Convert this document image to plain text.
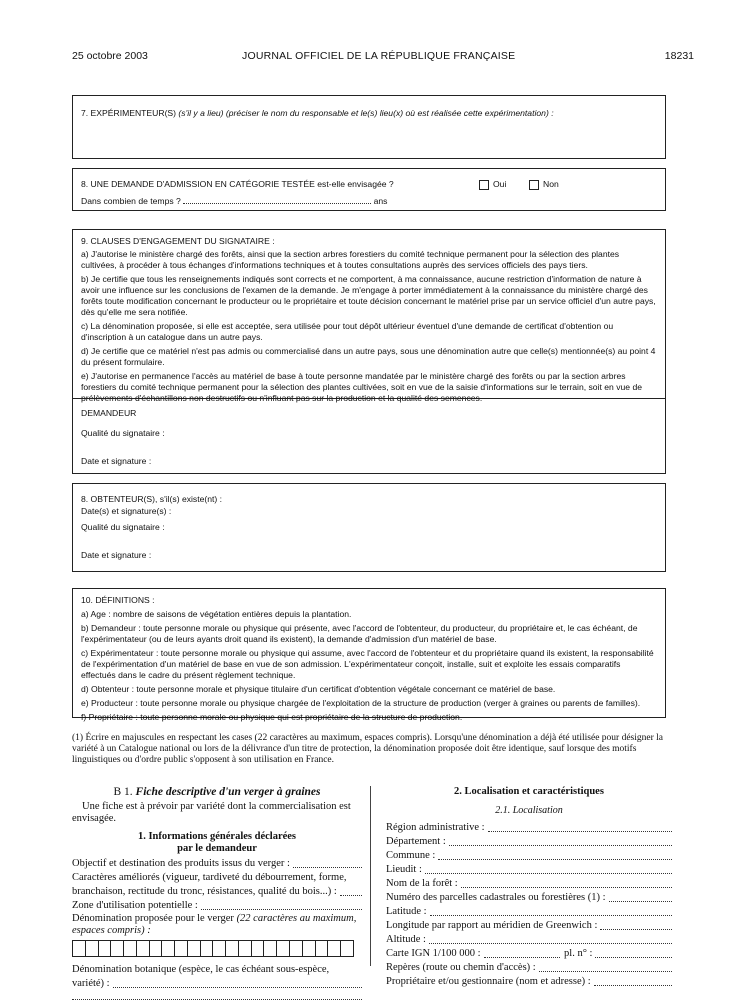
25 octobre 2003	JOURNAL OFFICIEL DE LA RÉPUBLIQUE FRANÇAISE	18231
7. EXPÉRIMENTEUR(S) (s'il y a lieu) (préciser le nom du responsable et le(s) lieu(x) où est réalisée cette expérimentation) :
8. UNE DEMANDE D'ADMISSION EN CATÉGORIE TESTÉE est-elle envisagée ?	Oui	Non
Dans combien de temps ?	ans
9. CLAUSES D'ENGAGEMENT DU SIGNATAIRE :
a) J'autorise le ministère chargé des forêts, ainsi que la section arbres forestiers du comité technique permanent pour la sélection des plantes cultivées, à procéder à tous échanges d'informations techniques et à toutes consultations auprès des services officiels des pays tiers.
b) Je certifie que tous les renseignements indiqués sont corrects et ne comportent, à ma connaissance, aucune restriction d'information de nature à avoir une influence sur les conclusions de l'examen de la demande. Je m'engage à porter immédiatement à la connaissance du ministère chargé des forêts toute modification concernant le producteur ou le propriétaire et toute décision concernant le matériel prise par un service officiel d'un autre pays, dès qu'elle me sera notifiée.
c) La dénomination proposée, si elle est acceptée, sera utilisée pour tout dépôt ultérieur éventuel d'une demande de certificat d'obtention ou d'inscription à un catalogue dans un autre pays.
d) Je certifie que ce matériel n'est pas admis ou commercialisé dans un autre pays, sous une dénomination autre que celle(s) mentionnée(s) au point 4 du présent formulaire.
e) J'autorise en permanence l'accès au matériel de base à toute personne mandatée par le ministère chargé des forêts ou par la section arbres forestiers du comité technique permanent pour la sélection des plantes cultivées, soit en vue de la saisie d'informations sur le terrain, soit en vue de prélèvements d'échantillons non destructifs ou n'influant pas sur la production et la qualité des semences.
DEMANDEUR
Qualité du signataire :
Date et signature :
8. OBTENTEUR(S), s'il(s) existe(nt) :
Date(s) et signature(s) :
Qualité du signataire :
Date et signature :
10. DÉFINITIONS :
a) Age : nombre de saisons de végétation entières depuis la plantation.
b) Demandeur : toute personne morale ou physique qui présente, avec l'accord de l'obtenteur, du producteur, du propriétaire et, le cas échéant, de l'expérimentateur (ou de leurs ayants droit quand ils existent), la demande d'admission d'un matériel de base.
c) Expérimentateur : toute personne morale ou physique qui assume, avec l'accord de l'obtenteur et du propriétaire quand ils existent, la responsabilité de l'expérimentation d'un matériel de base en vue de son admission. L'expérimentateur conçoit, installe, suit et exploite les essais comparatifs effectués dans le cadre du présent règlement technique.
d) Obtenteur : toute personne morale et physique titulaire d'un certificat d'obtention végétale concernant ce matériel de base.
e) Producteur : toute personne morale ou physique chargée de l'exploitation de la structure de production (verger à graines ou parents de familles).
f) Propriétaire : toute personne morale ou physique qui est propriétaire de la structure de production.
(1) Écrire en majuscules en respectant les cases (22 caractères au maximum, espaces compris). Lorsqu'une dénomination a déjà été utilisée pour désigner la variété à un Catalogue national ou lors de la délivrance d'un titre de protection, la dénomination proposée doit être identique, sauf lorsque des motifs linguistiques ou d'ordre public s'opposent à son utilisation en France.
B 1. Fiche descriptive d'un verger à graines
Une fiche est à prévoir par variété dont la commercialisation est envisagée.
1. Informations générales déclarées
par le demandeur
Objectif et destination des produits issus du verger :
Caractères améliorés (vigueur, tardiveté du débourrement, forme,
branchaison, rectitude du tronc, résistances, qualité du bois...) :
Zone d'utilisation potentielle :
Dénomination proposée pour le verger (22 caractères au maximum, espaces compris) :
Dénomination botanique (espèce, le cas échéant sous-espèce,
variété) :
2. Localisation et caractéristiques
2.1. Localisation
Région administrative :
Département :
Commune :
Lieudit :
Nom de la forêt :
Numéro des parcelles cadastrales ou forestières (1) :
Latitude :
Longitude par rapport au méridien de Greenwich :
Altitude :
Carte IGN 1/100 000 :	pl. n° :
Repères (route ou chemin d'accès) :
Propriétaire et/ou gestionnaire (nom et adresse) :
